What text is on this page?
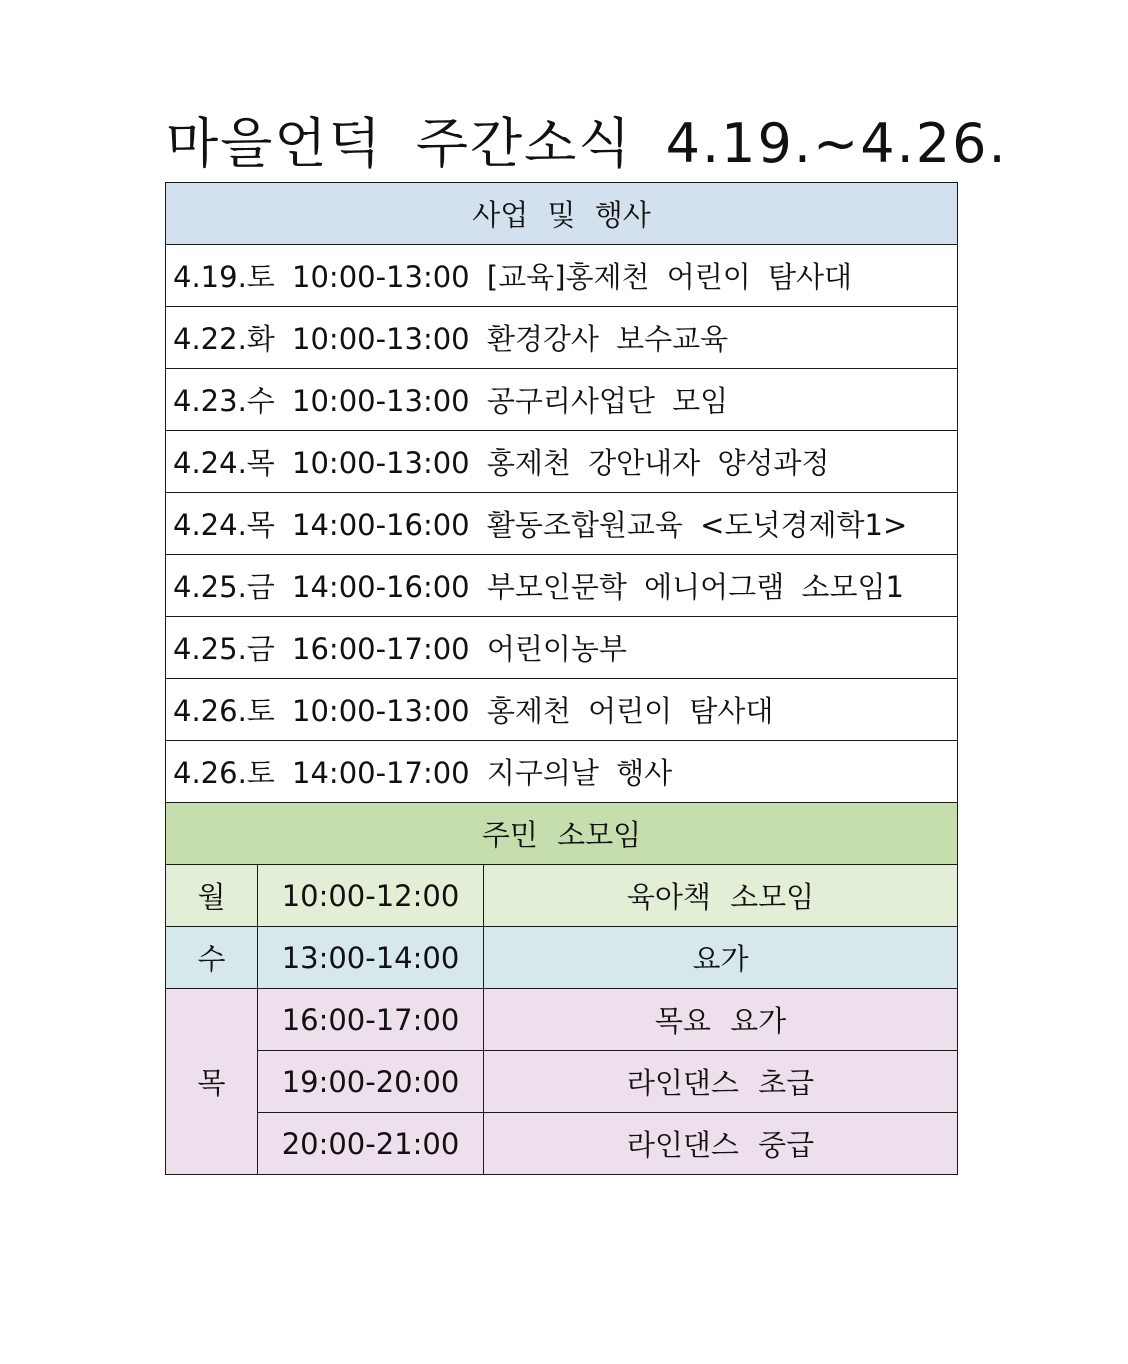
마을언덕 주간소식 4.19.~4.26.
사업 및 행사		
4.19.토 10:00-13:00 [교육]홍제천 어린이 탐사대		
4.22.화 10:00-13:00 환경강사 보수교육		
4.23.수 10:00-13:00 공구리사업단 모임		
4.24.목 10:00-13:00 홍제천 강안내자 양성과정		
4.24.목 14:00-16:00 활동조합원교육 <도넛경제학1>		
4.25.금 14:00-16:00 부모인문학 에니어그램 소모임1		
4.25.금 16:00-17:00 어린이농부		
4.26.토 10:00-13:00 홍제천 어린이 탐사대		
4.26.토 14:00-17:00 지구의날 행사		
주민 소모임		
월	10:00-12:00	육아책 소모임
수	13:00-14:00	요가
목	16:00-17:00	목요 요가
	19:00-20:00	라인댄스 초급
	20:00-21:00	라인댄스 중급
